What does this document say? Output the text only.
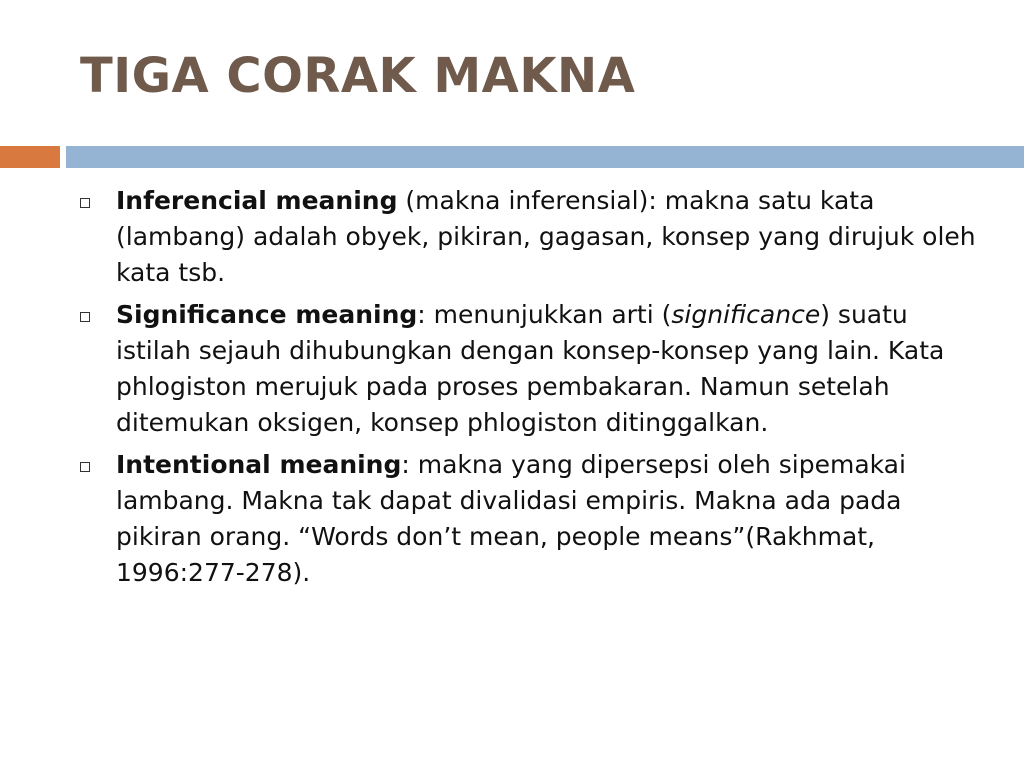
TIGA CORAK MAKNA
Inferencial meaning (makna inferensial): makna satu kata (lambang) adalah obyek, pikiran, gagasan, konsep yang dirujuk oleh kata tsb.
Significance meaning: menunjukkan arti (significance) suatu istilah sejauh dihubungkan dengan konsep-konsep yang lain. Kata phlogiston merujuk pada proses pembakaran. Namun setelah ditemukan oksigen, konsep phlogiston ditinggalkan.
Intentional meaning: makna yang dipersepsi oleh sipemakai lambang. Makna tak dapat divalidasi empiris. Makna ada pada pikiran orang. “Words don’t mean, people means”(Rakhmat, 1996:277-278).
